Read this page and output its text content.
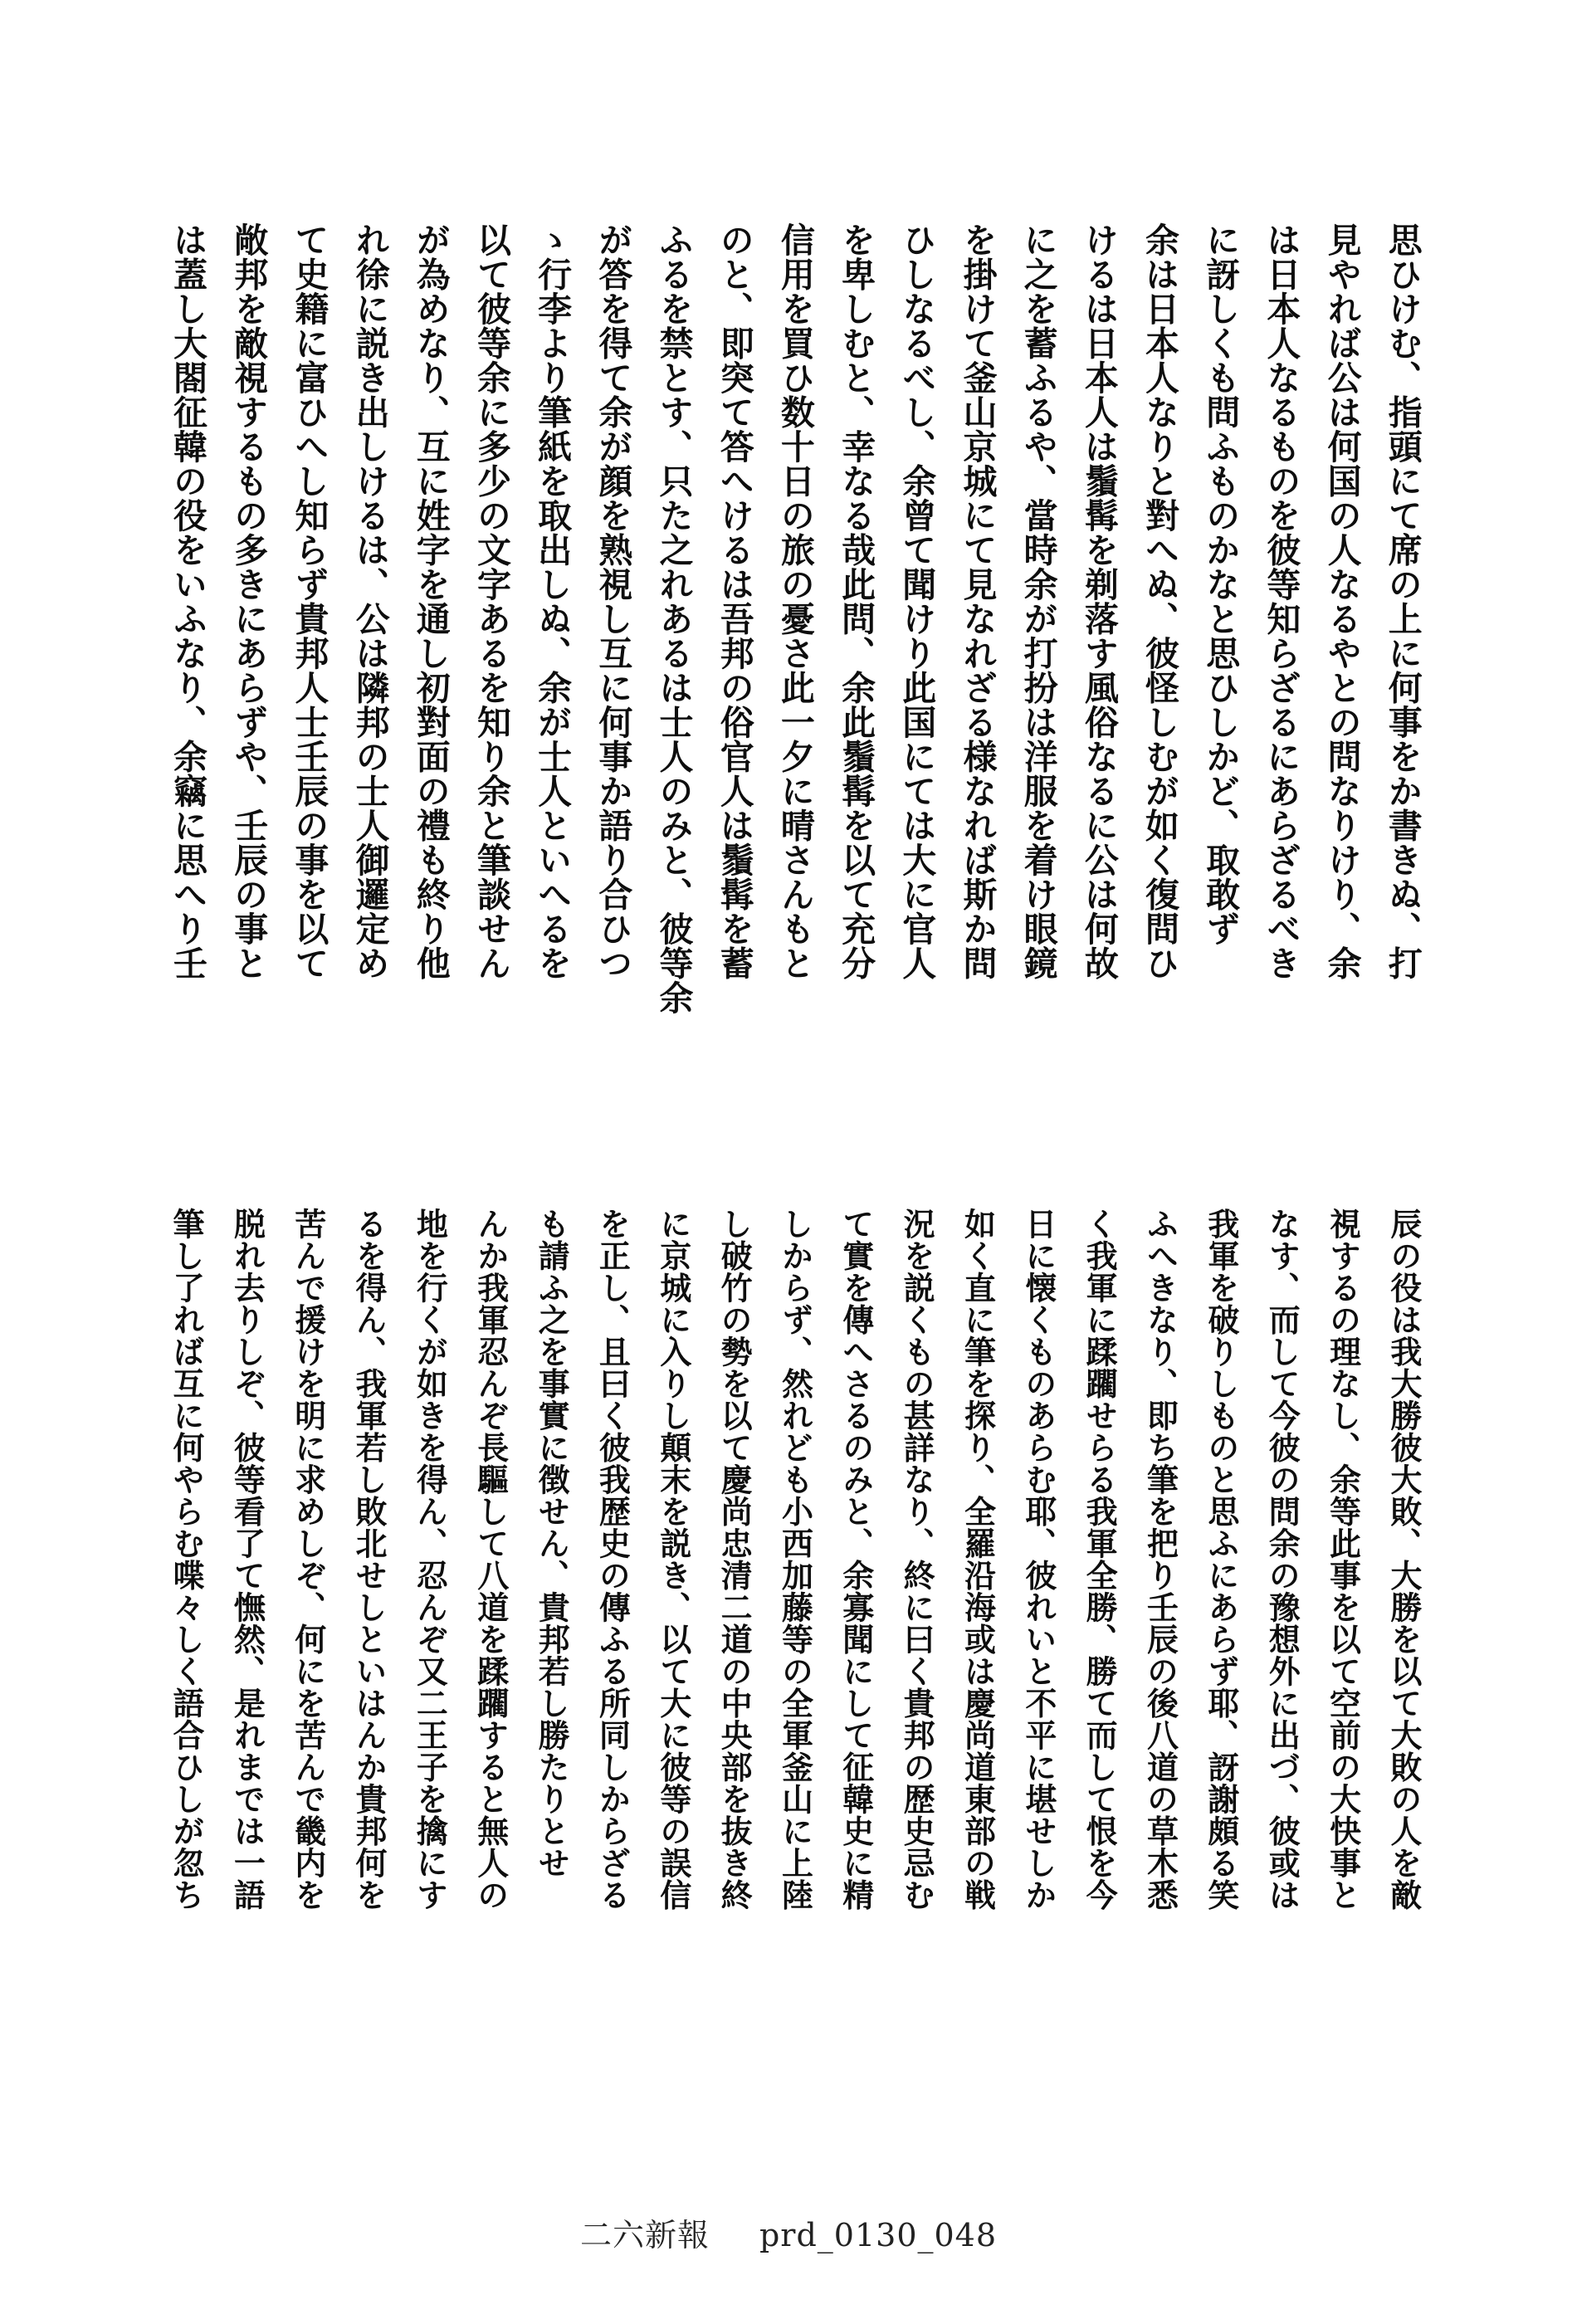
思ひけむ、指頭にて席の上に何事をか書きぬ、打
見やれば公は何国の人なるやとの問なりけり、余
は日本人なるものを彼等知らざるにあらざるべき
に訝しくも問ふものかなと思ひしかど、取敢ず
余は日本人なりと對へぬ、彼怪しむが如く復問ひ
けるは日本人は鬚髯を剃落す風俗なるに公は何故
に之を蓄ふるや、當時余が打扮は洋服を着け眼鏡
を掛けて釜山京城にて見なれざる様なれば斯か問
ひしなるべし、余曾て聞けり此国にては大に官人
を卑しむと、幸なる哉此問、余此鬚髯を以て充分
信用を買ひ数十日の旅の憂さ此一夕に晴さんもと
のと、即突て答へけるは吾邦の俗官人は鬚髯を蓄
ふるを禁とす、只た之れあるは士人のみと、彼等余
が答を得て余が顔を熟視し互に何事か語り合ひつ
ゝ行李より筆紙を取出しぬ、余が士人といへるを
以て彼等余に多少の文字あるを知り余と筆談せん
が為めなり、互に姓字を通し初對面の禮も終り他
れ徐に説き出しけるは、公は隣邦の士人御邏定め
て史籍に富ひへし知らず貴邦人士壬辰の事を以て
敞邦を敵視するもの多きにあらずや、壬辰の事と
は蓋し大閤征韓の役をいふなり、余竊に思へり壬
辰の役は我大勝彼大敗、大勝を以て大敗の人を敵
視するの理なし、余等此事を以て空前の大快事と
なす、而して今彼の問余の豫想外に出づ、彼或は
我軍を破りしものと思ふにあらず耶、訝謝頗る笑
ふへきなり、即ち筆を把り壬辰の後八道の草木悉
く我軍に蹂躙せらる我軍全勝、勝て而して恨を今
日に懐くものあらむ耶、彼れいと不平に堪せしか
如く直に筆を探り、全羅沿海或は慶尚道東部の戦
況を説くもの甚詳なり、終に曰く貴邦の歴史忌む
て實を傳へさるのみと、余寡聞にして征韓史に精
しからず、然れども小西加藤等の全軍釜山に上陸
し破竹の勢を以て慶尚忠清二道の中央部を抜き終
に京城に入りし顛末を説き、以て大に彼等の誤信
を正し、且曰く彼我歴史の傳ふる所同しからざる
も請ふ之を事實に徴せん、貴邦若し勝たりとせ
んか我軍忍んぞ長驅して八道を蹂躙すると無人の
地を行くが如きを得ん、忍んぞ又二王子を擒にす
るを得ん、我軍若し敗北せしといはんか貴邦何を
苦んで援けを明に求めしぞ、何にを苦んで畿内を
脱れ去りしぞ、彼等看了て憮然、是れまでは一語
筆し了れば互に何やらむ喋々しく語合ひしが忽ち
二六新報 prd_0130_048
